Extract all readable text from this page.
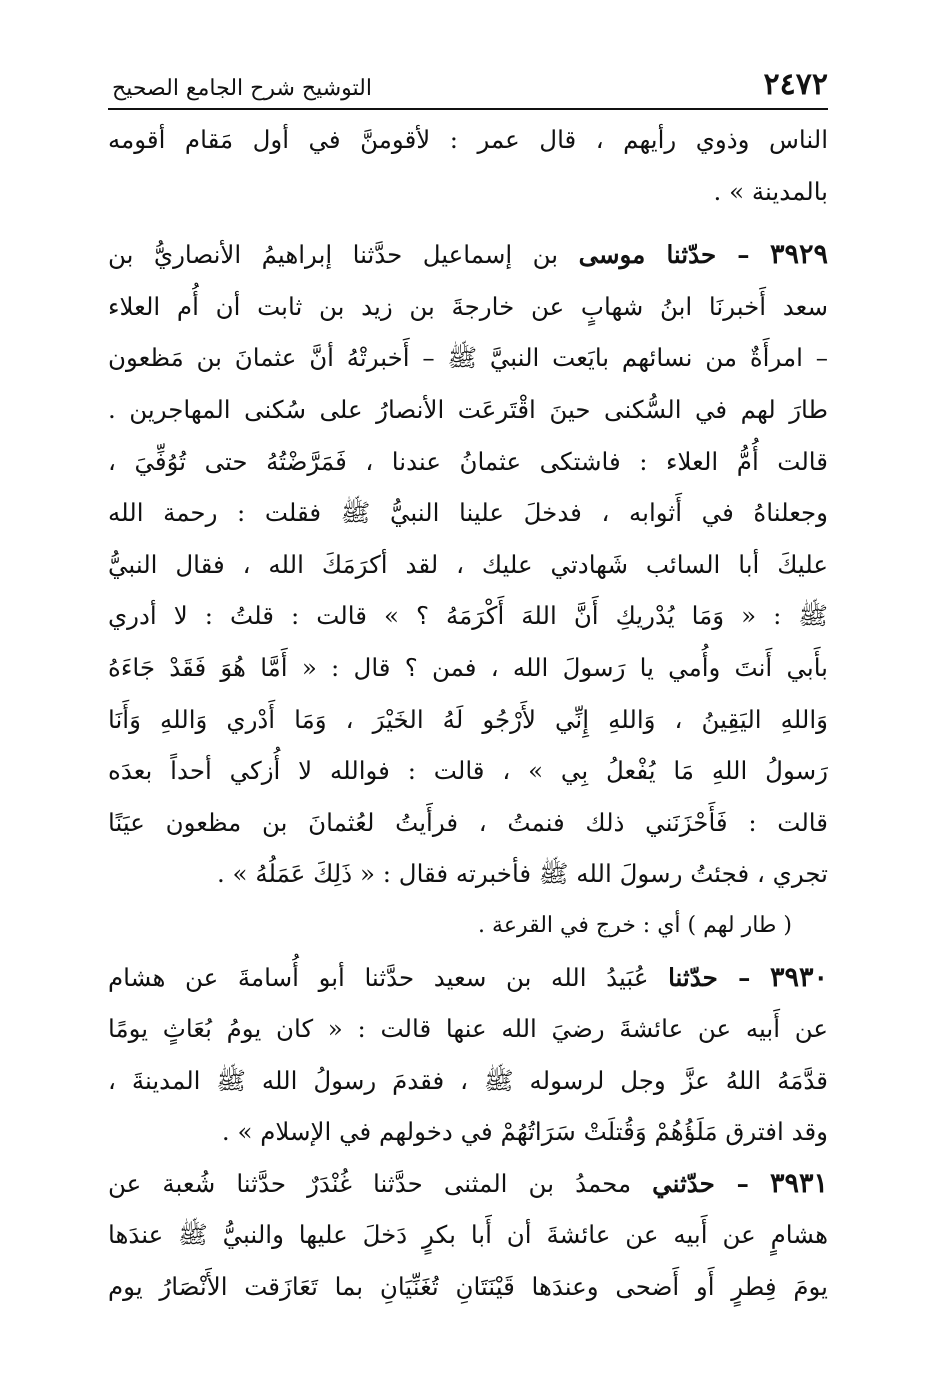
٢٤٧٢
التوشيح شرح الجامع الصحيح
الناس وذوي رأيهم ، قال عمر : لأقومنَّ في أول مَقام أقومه
بالمدينة » .
٣٩٢٩ – حدّثنا موسى بن إسماعيل حدَّثنا إبراهيمُ الأنصاريُّ بن
سعد أَخبرنَا ابنُ شهابٍ عن خارجةَ بن زيد بن ثابت أن أُم العلاء
– امرأَةٌ من نسائهم بايَعت النبيَّ ﷺ – أَخبرتْهُ أنَّ عثمانَ بن مَظعون
طارَ لهم في السُّكنى حينَ اقْتَرعَت الأنصارُ على سُكنى المهاجرين .
قالت أُمُّ العلاء : فاشتكى عثمانُ عندنا ، فَمَرَّضْتُهُ حتى تُوُفِّيَ ،
وجعلناهُ في أَثوابه ، فدخلَ علينا النبيُّ ﷺ فقلت : رحمة الله
عليكَ أبا السائب شَهادتي عليك ، لقد أكرَمَكَ الله ، فقال النبيُّ
ﷺ : « وَمَا يُدْريكِ أَنَّ اللهَ أَكْرَمَهُ ؟ » قالت : قلتُ : لا أدري
بأَبي أَنتَ وأُمي يا رَسولَ الله ، فمن ؟ قال : « أَمَّا هُوَ فَقَدْ جَاءَهُ
وَاللهِ اليَقِينُ ، وَاللهِ إِنِّي لأَرْجُو لَهُ الخَيْرَ ، وَمَا أَدْري وَاللهِ وَأَنَا
رَسولُ اللهِ مَا يُفْعلُ بِي » ، قالت : فوالله لا أُزكي أحداً بعدَه
قالت : فَأَحْزَنَني ذلك فنمتُ ، فرأَيتُ لعُثمانَ بن مظعون عيَنًا
تجري ، فجئتُ رسولَ الله ﷺ فأخبرته فقال : « ذَلِكَ عَمَلُهُ » .
( طار لهم ) أي : خرج في القرعة .
٣٩٣٠ – حدّثنا عُبَيدُ الله بن سعيد حدَّثنا أبو أُسامةَ عن هشام
عن أَبيه عن عائشةَ رضيَ الله عنها قالت : « كان يومُ بُعَاثٍ يومًا
قدَّمَهُ اللهُ عزَّ وجل لرسوله ﷺ ، فقدمَ رسولُ الله ﷺ المدينةَ ،
وقد افترق مَلَؤُهُمْ وَقُتلَتْ سَرَاتُهُمْ في دخولهم في الإسلام » .
٣٩٣١ – حدّثني محمدُ بن المثنى حدَّثنا غُنْدَرٌ حدَّثنا شُعبة عن
هشامٍ عن أَبيه عن عائشةَ أن أَبا بكرٍ دَخلَ عليها والنبيُّ ﷺ عندَها
يومَ فِطرٍ أَو أَضحى وعندَها قَيْنَتَانِ تُغَنِّيَانِ بما تَعَازَقت الأَنْصَارُ يوم
